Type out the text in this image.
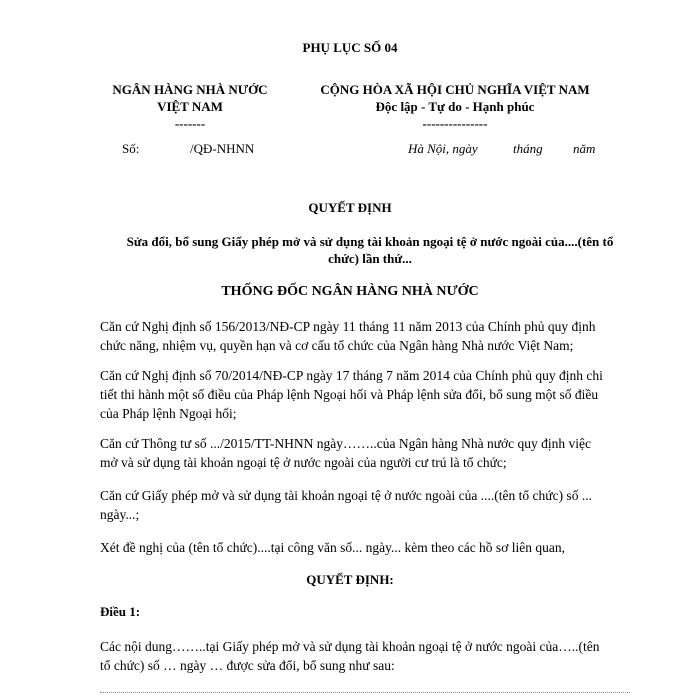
PHỤ LỤC SỐ 04
NGÂN HÀNG NHÀ NƯỚC
VIỆT NAM
-------
CỘNG HÒA XÃ HỘI CHỦ NGHĨA VIỆT NAM
Độc lập - Tự do - Hạnh phúc
---------------
Số:	/QĐ-NHNN	Hà Nội, ngày	tháng năm
QUYẾT ĐỊNH
Sửa đổi, bổ sung Giấy phép mở và sử dụng tài khoản ngoại tệ ở nước ngoài của....(tên tổ
chức) lần thứ...
THỐNG ĐỐC NGÂN HÀNG NHÀ NƯỚC
Căn cứ Nghị định số 156/2013/NĐ-CP ngày 11 tháng 11 năm 2013 của Chính phủ quy định
chức năng, nhiệm vụ, quyền hạn và cơ cấu tổ chức của Ngân hàng Nhà nước Việt Nam;
Căn cứ Nghị định số 70/2014/NĐ-CP ngày 17 tháng 7 năm 2014 của Chính phủ quy định chi
tiết thi hành một số điều của Pháp lệnh Ngoại hối và Pháp lệnh sửa đổi, bổ sung một số điều
của Pháp lệnh Ngoại hối;
Căn cứ Thông tư số .../2015/TT-NHNN ngày……..của Ngân hàng Nhà nước quy định việc
mở và sử dụng tài khoản ngoại tệ ở nước ngoài của người cư trú là tổ chức;
Căn cứ Giấy phép mở và sử dụng tài khoản ngoại tệ ở nước ngoài của ....(tên tổ chức) số ...
ngày...;
Xét đề nghị của (tên tổ chức)....tại công văn số... ngày... kèm theo các hồ sơ liên quan,
QUYẾT ĐỊNH:
Điều 1:
Các nội dung……..tại Giấy phép mở và sử dụng tài khoản ngoại tệ ở nước ngoài của…..(tên
tổ chức) số … ngày … được sửa đổi, bổ sung như sau:
